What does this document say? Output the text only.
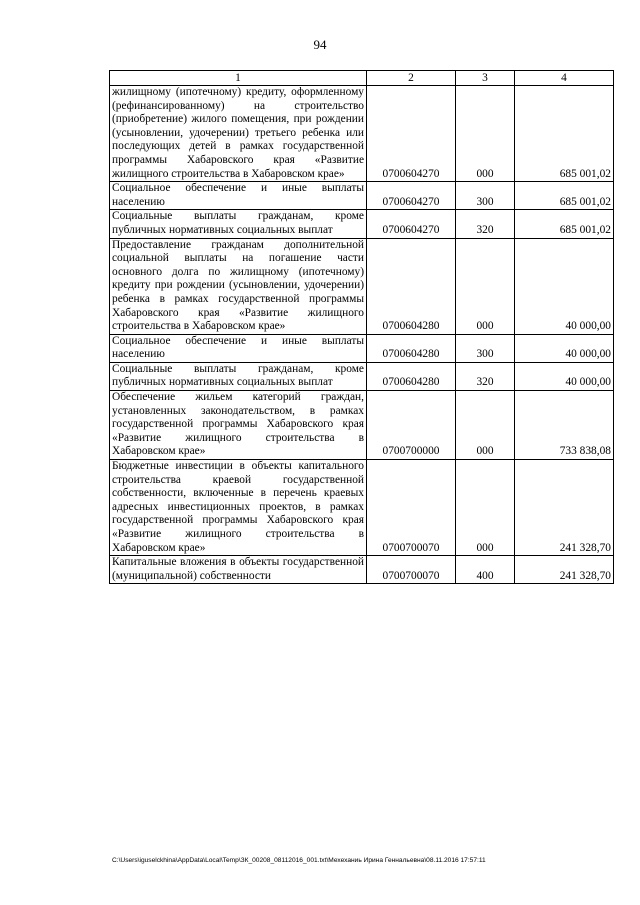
94
1	2	3	4
жилищному (ипотечному) кредиту, оформленному (рефинансированному) на строительство (приобретение) жилого помещения, при рождении (усыновлении, удочерении) третьего ребенка или последующих детей в рамках государственной программы Хабаровского края «Развитие жилищного строительства в Хабаровском крае»	0700604270	000	685 001,02
Социальное обеспечение и иные выплаты населению	0700604270	300	685 001,02
Социальные выплаты гражданам, кроме публичных нормативных социальных выплат	0700604270	320	685 001,02
Предоставление гражданам дополнительной социальной выплаты на погашение части основного долга по жилищному (ипотечному) кредиту при рождении (усыновлении, удочерении) ребенка в рамках государственной программы Хабаровского края «Развитие жилищного строительства в Хабаровском крае»	0700604280	000	40 000,00
Социальное обеспечение и иные выплаты населению	0700604280	300	40 000,00
Социальные выплаты гражданам, кроме публичных нормативных социальных выплат	0700604280	320	40 000,00
Обеспечение жильем категорий граждан, установленных законодательством, в рамках государственной программы Хабаровского края «Развитие жилищного строительства в Хабаровском крае»	0700700000	000	733 838,08
Бюджетные инвестиции в объекты капитального строительства краевой государственной собственности, включенные в перечень краевых адресных инвестиционных проектов, в рамках государственной программы Хабаровского края «Развитие жилищного строительства в Хабаровском крае»	0700700070	000	241 328,70
Капитальные вложения в объекты государственной (муниципальной) собственности	0700700070	400	241 328,70
C:\Users\iguselckhina\AppData\Local\Temp\ЗК_00208_08112016_001.txt\Мехеханиь Ирина Геннальевна\08.11.2016 17:57:11
